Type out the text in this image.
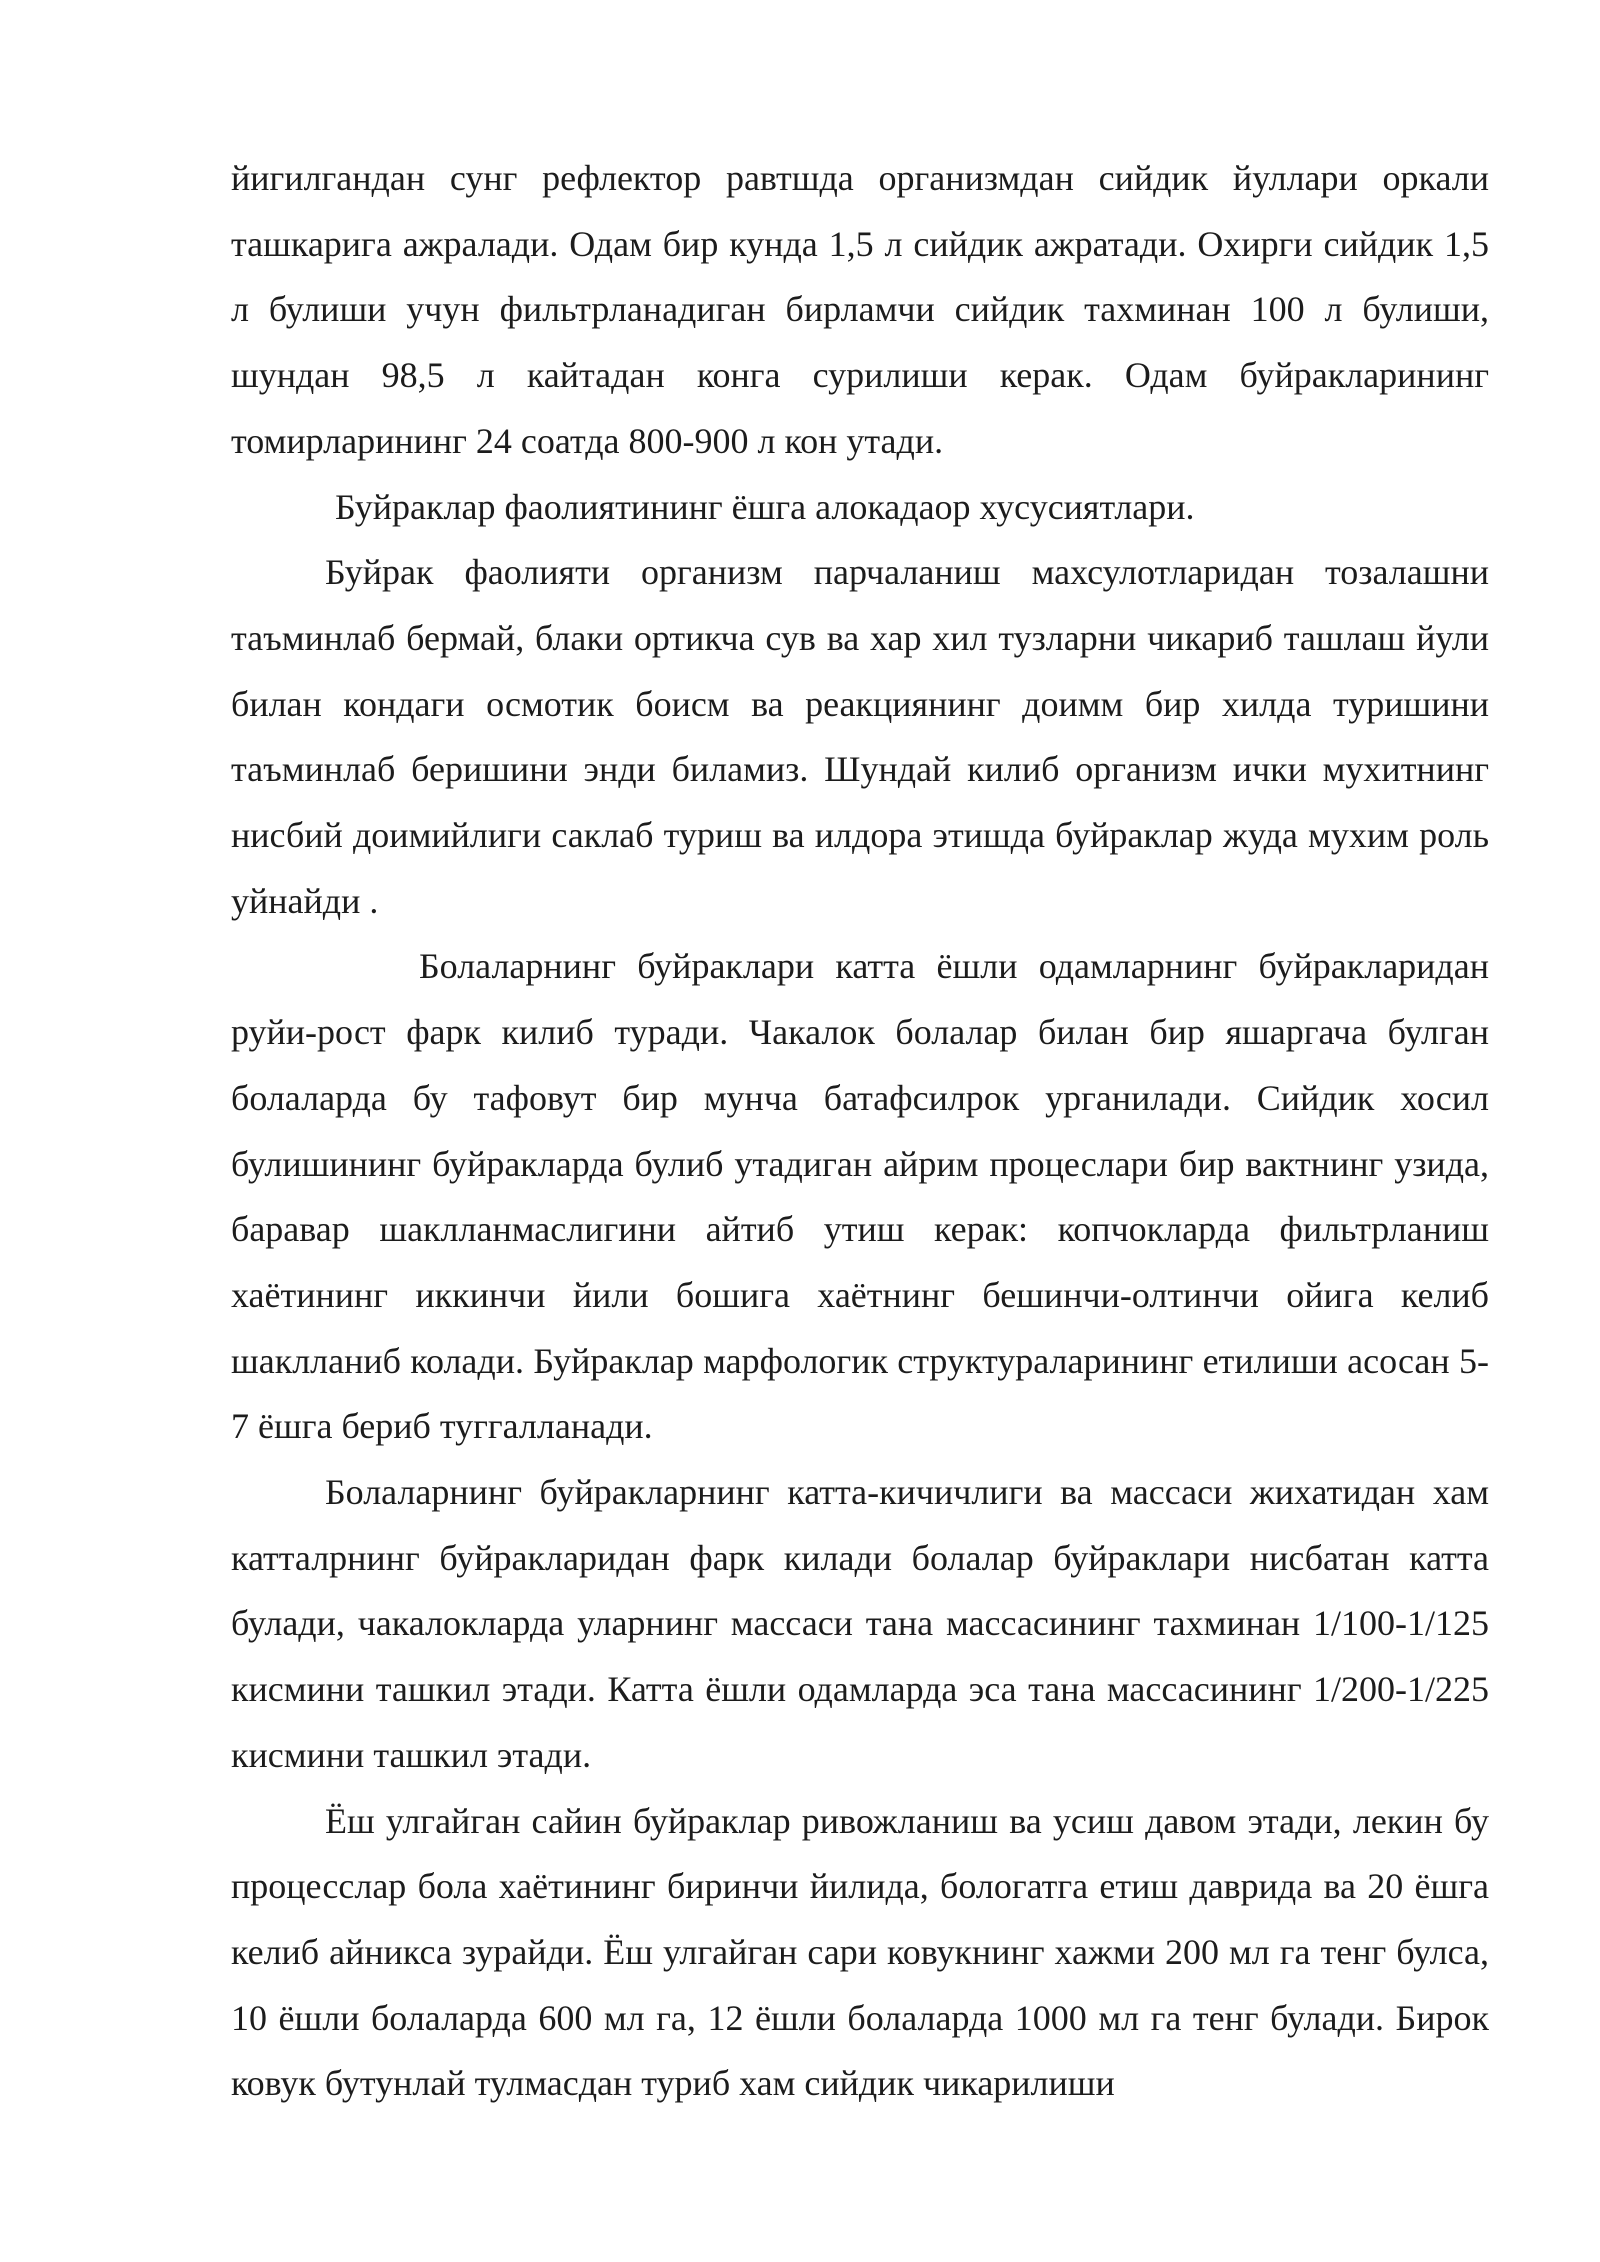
йигилгандан сунг рефлектор равтшда организмдан сийдик йуллари оркали ташкарига ажралади. Одам бир кунда 1,5 л сийдик ажратади. Охирги сийдик 1,5 л булиши учун фильтрланадиган бирламчи сийдик тахминан 100 л булиши, шундан 98,5 л кайтадан конга сурилиши керак. Одам буйракларининг томирларининг 24 соатда 800-900 л кон утади.

Буйраклар фаолиятининг ёшга алокадаор хусусиятлари.

Буйрак фаолияти организм парчаланиш махсулотларидан тозалашни таъминлаб бермай, блаки ортикча сув ва хар хил тузларни чикариб ташлаш йули билан кондаги осмотик боисм ва реакциянинг доимм бир хилда туришини таъминлаб беришини энди биламиз. Шундай килиб организм ички мухитнинг нисбий доимийлиги саклаб туриш ва илдора этишда буйраклар жуда мухим роль уйнайди .

Болаларнинг буйраклари катта ёшли одамларнинг буйракларидан руйи-рост фарк килиб туради. Чакалок болалар билан бир яшаргача булган болаларда бу тафовут бир мунча батафсилрок урганилади. Сийдик хосил булишининг буйракларда булиб утадиган айрим процеслари бир вактнинг узида, баравар шаклланмаслигини айтиб утиш керак: копчокларда фильтрланиш хаётининг иккинчи йили бошига хаётнинг бешинчи-олтинчи ойига келиб шаклланиб колади. Буйраклар марфологик структураларининг етилиши асосан 5-7 ёшга бериб туггалланади.

Болаларнинг буйракларнинг катта-кичичлиги ва массаси жихатидан хам катталрнинг буйракларидан фарк килади болалар буйраклари нисбатан катта булади, чакалокларда уларнинг массаси тана массасининг тахминан 1/100-1/125 кисмини ташкил этади. Катта ёшли одамларда эса тана массасининг 1/200-1/225 кисмини ташкил этади.

Ёш улгайган сайин буйраклар ривожланиш ва усиш давом этади, лекин бу процесслар бола хаётининг биринчи йилида, бологатга етиш даврида ва 20 ёшга келиб айникса зурайди. Ёш улгайган сари ковукнинг хажми 200 мл га тенг булса, 10 ёшли болаларда 600 мл га, 12 ёшли болаларда 1000 мл га тенг булади. Бирок ковук бутунлай тулмасдан туриб хам сийдик чикарилиши
